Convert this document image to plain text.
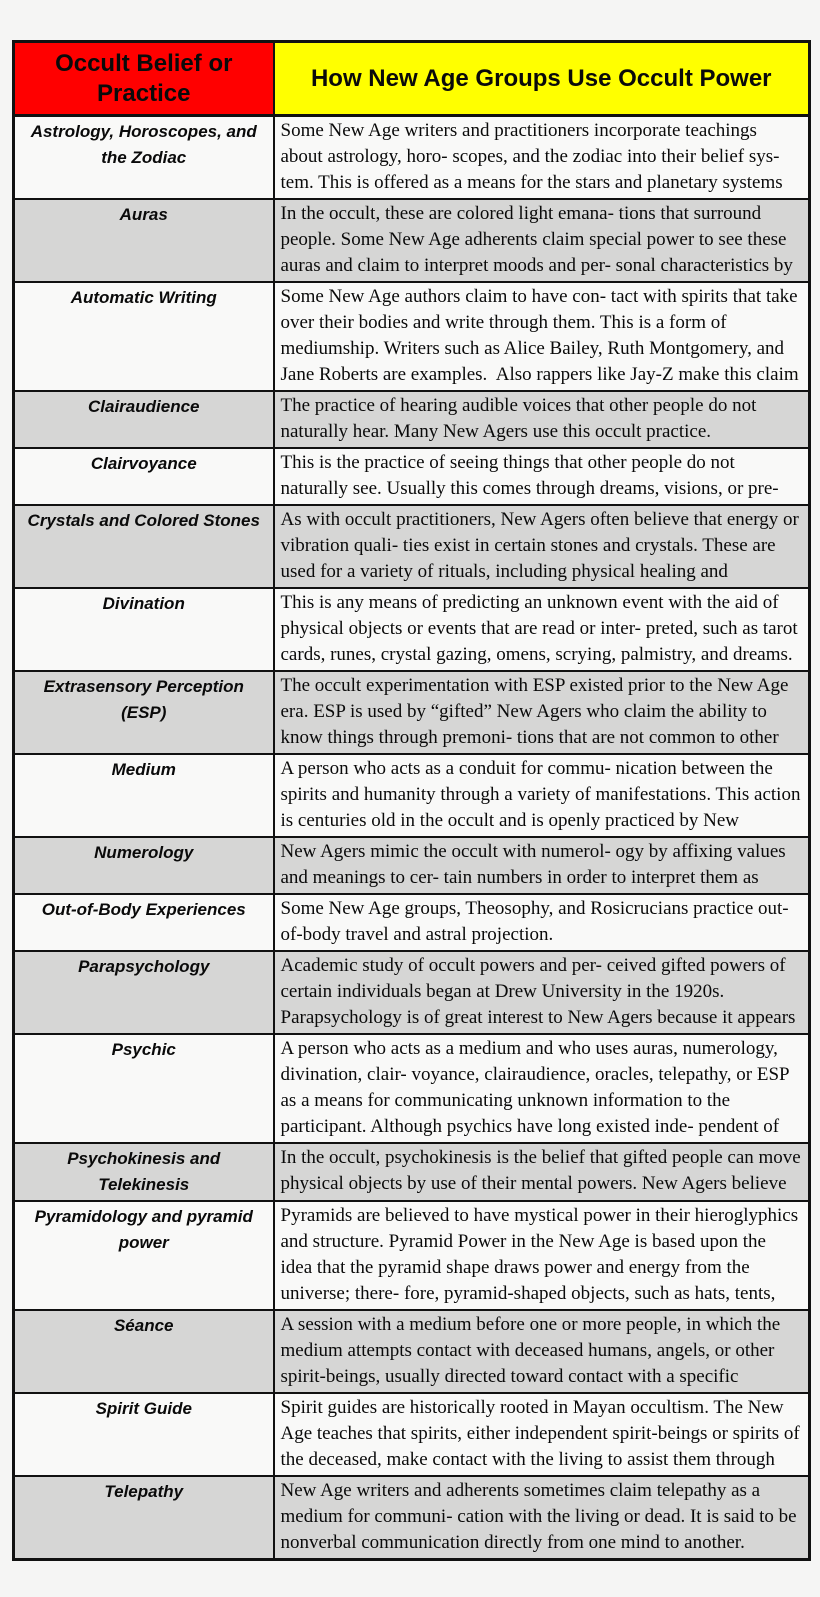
Occult Belief or Practice	How New Age Groups Use Occult Power
Astrology, Horoscopes, and the Zodiac	Some New Age writers and practitioners incorporate teachings about astrology, horo- scopes, and the zodiac into their belief sys- tem. This is offered as a means for the stars and planetary systems
Auras	In the occult, these are colored light emana- tions that surround people. Some New Age adherents claim special power to see these auras and claim to interpret moods and per- sonal characteristics by
Automatic Writing	Some New Age authors claim to have con- tact with spirits that take over their bodies and write through them. This is a form of mediumship. Writers such as Alice Bailey, Ruth Montgomery, and Jane Roberts are examples.  Also rappers like Jay-Z make this claim
Clairaudience	The practice of hearing audible voices that other people do not naturally hear. Many New Agers use this occult practice.
Clairvoyance	This is the practice of seeing things that other people do not naturally see. Usually this comes through dreams, visions, or pre-
Crystals and Colored Stones	As with occult practitioners, New Agers often believe that energy or vibration quali- ties exist in certain stones and crystals. These are used for a variety of rituals, including physical healing and
Divination	This is any means of predicting an unknown event with the aid of physical objects or events that are read or inter- preted, such as tarot cards, runes, crystal gazing, omens, scrying, palmistry, and dreams.
Extrasensory Perception (ESP)	The occult experimentation with ESP existed prior to the New Age era. ESP is used by “gifted” New Agers who claim the ability to know things through premoni- tions that are not common to other
Medium	A person who acts as a conduit for commu- nication between the spirits and humanity through a variety of manifestations. This action is centuries old in the occult and is openly practiced by New
Numerology	New Agers mimic the occult with numerol- ogy by affixing values and meanings to cer- tain numbers in order to interpret them as
Out-of-Body Experiences	Some New Age groups, Theosophy, and Rosicrucians practice out-of-body travel and astral projection.
Parapsychology	Academic study of occult powers and per- ceived gifted powers of certain individuals began at Drew University in the 1920s. Parapsychology is of great interest to New Agers because it appears
Psychic	A person who acts as a medium and who uses auras, numerology, divination, clair- voyance, clairaudience, oracles, telepathy, or ESP as a means for communicating unknown information to the participant. Although psychics have long existed inde- pendent of
Psychokinesis and Telekinesis	In the occult, psychokinesis is the belief that gifted people can move physical objects by use of their mental powers. New Agers believe
Pyramidology and pyramid power	Pyramids are believed to have mystical power in their hieroglyphics and structure. Pyramid Power in the New Age is based upon the idea that the pyramid shape draws power and energy from the universe; there- fore, pyramid-shaped objects, such as hats, tents,
Séance	A session with a medium before one or more people, in which the medium attempts contact with deceased humans, angels, or other spirit-beings, usually directed toward contact with a specific
Spirit Guide	Spirit guides are historically rooted in Mayan occultism. The New Age teaches that spirits, either independent spirit-beings or spirits of the deceased, make contact with the living to assist them through
Telepathy	New Age writers and adherents sometimes claim telepathy as a medium for communi- cation with the living or dead. It is said to be nonverbal communication directly from one mind to another.
